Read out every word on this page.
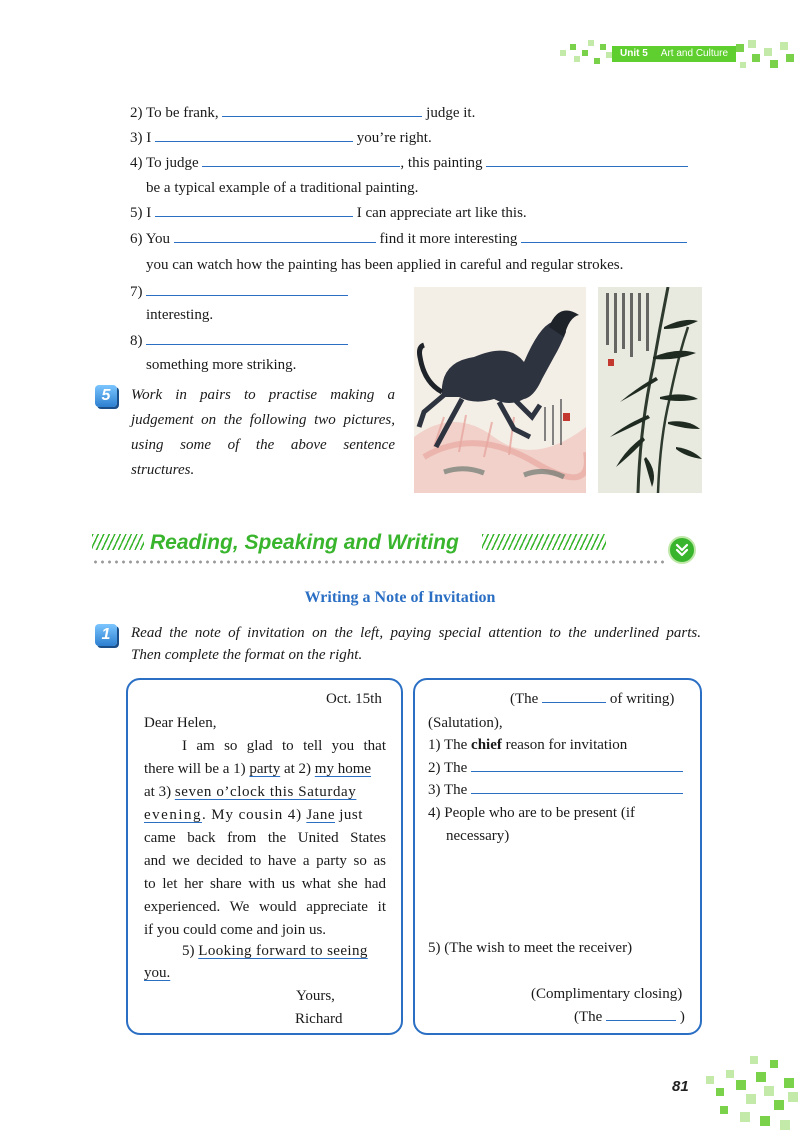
Unit 5 Art and Culture
2) To be frank,	judge it.
3) I	you’re right.
4) To judge	, this painting
be a typical example of a traditional painting.
5) I	I can appreciate art like this.
6) You	find it more interesting
you can watch how the painting has been applied in careful and regular strokes.
7)
interesting.
8)
something more striking.
5	Work in pairs to practise making a
judgement on the following two pictures,
using some of the above sentence
structures.
Reading, Speaking and Writing
Writing a Note of Invitation
1	Read the note of invitation on the left, paying special attention to the underlined parts.
Then complete the format on the right.
Oct. 15th
Dear Helen,
I am so glad to tell you that
there will be a 1) party at 2) my home
at 3) seven o’clock this Saturday
evening. My cousin 4) Jane just
came back from the United States
and we decided to have a party so as
to let her share with us what she had
experienced. We would appreciate it
if you could come and join us.
5) Looking forward to seeing
you.
Yours,
Richard
(The	of writing)
(Salutation),
1) The chief reason for invitation
2) The
3) The
4) People who are to be present (if
necessary)
5) (The wish to meet the receiver)
(Complimentary closing)
(The	)
81
